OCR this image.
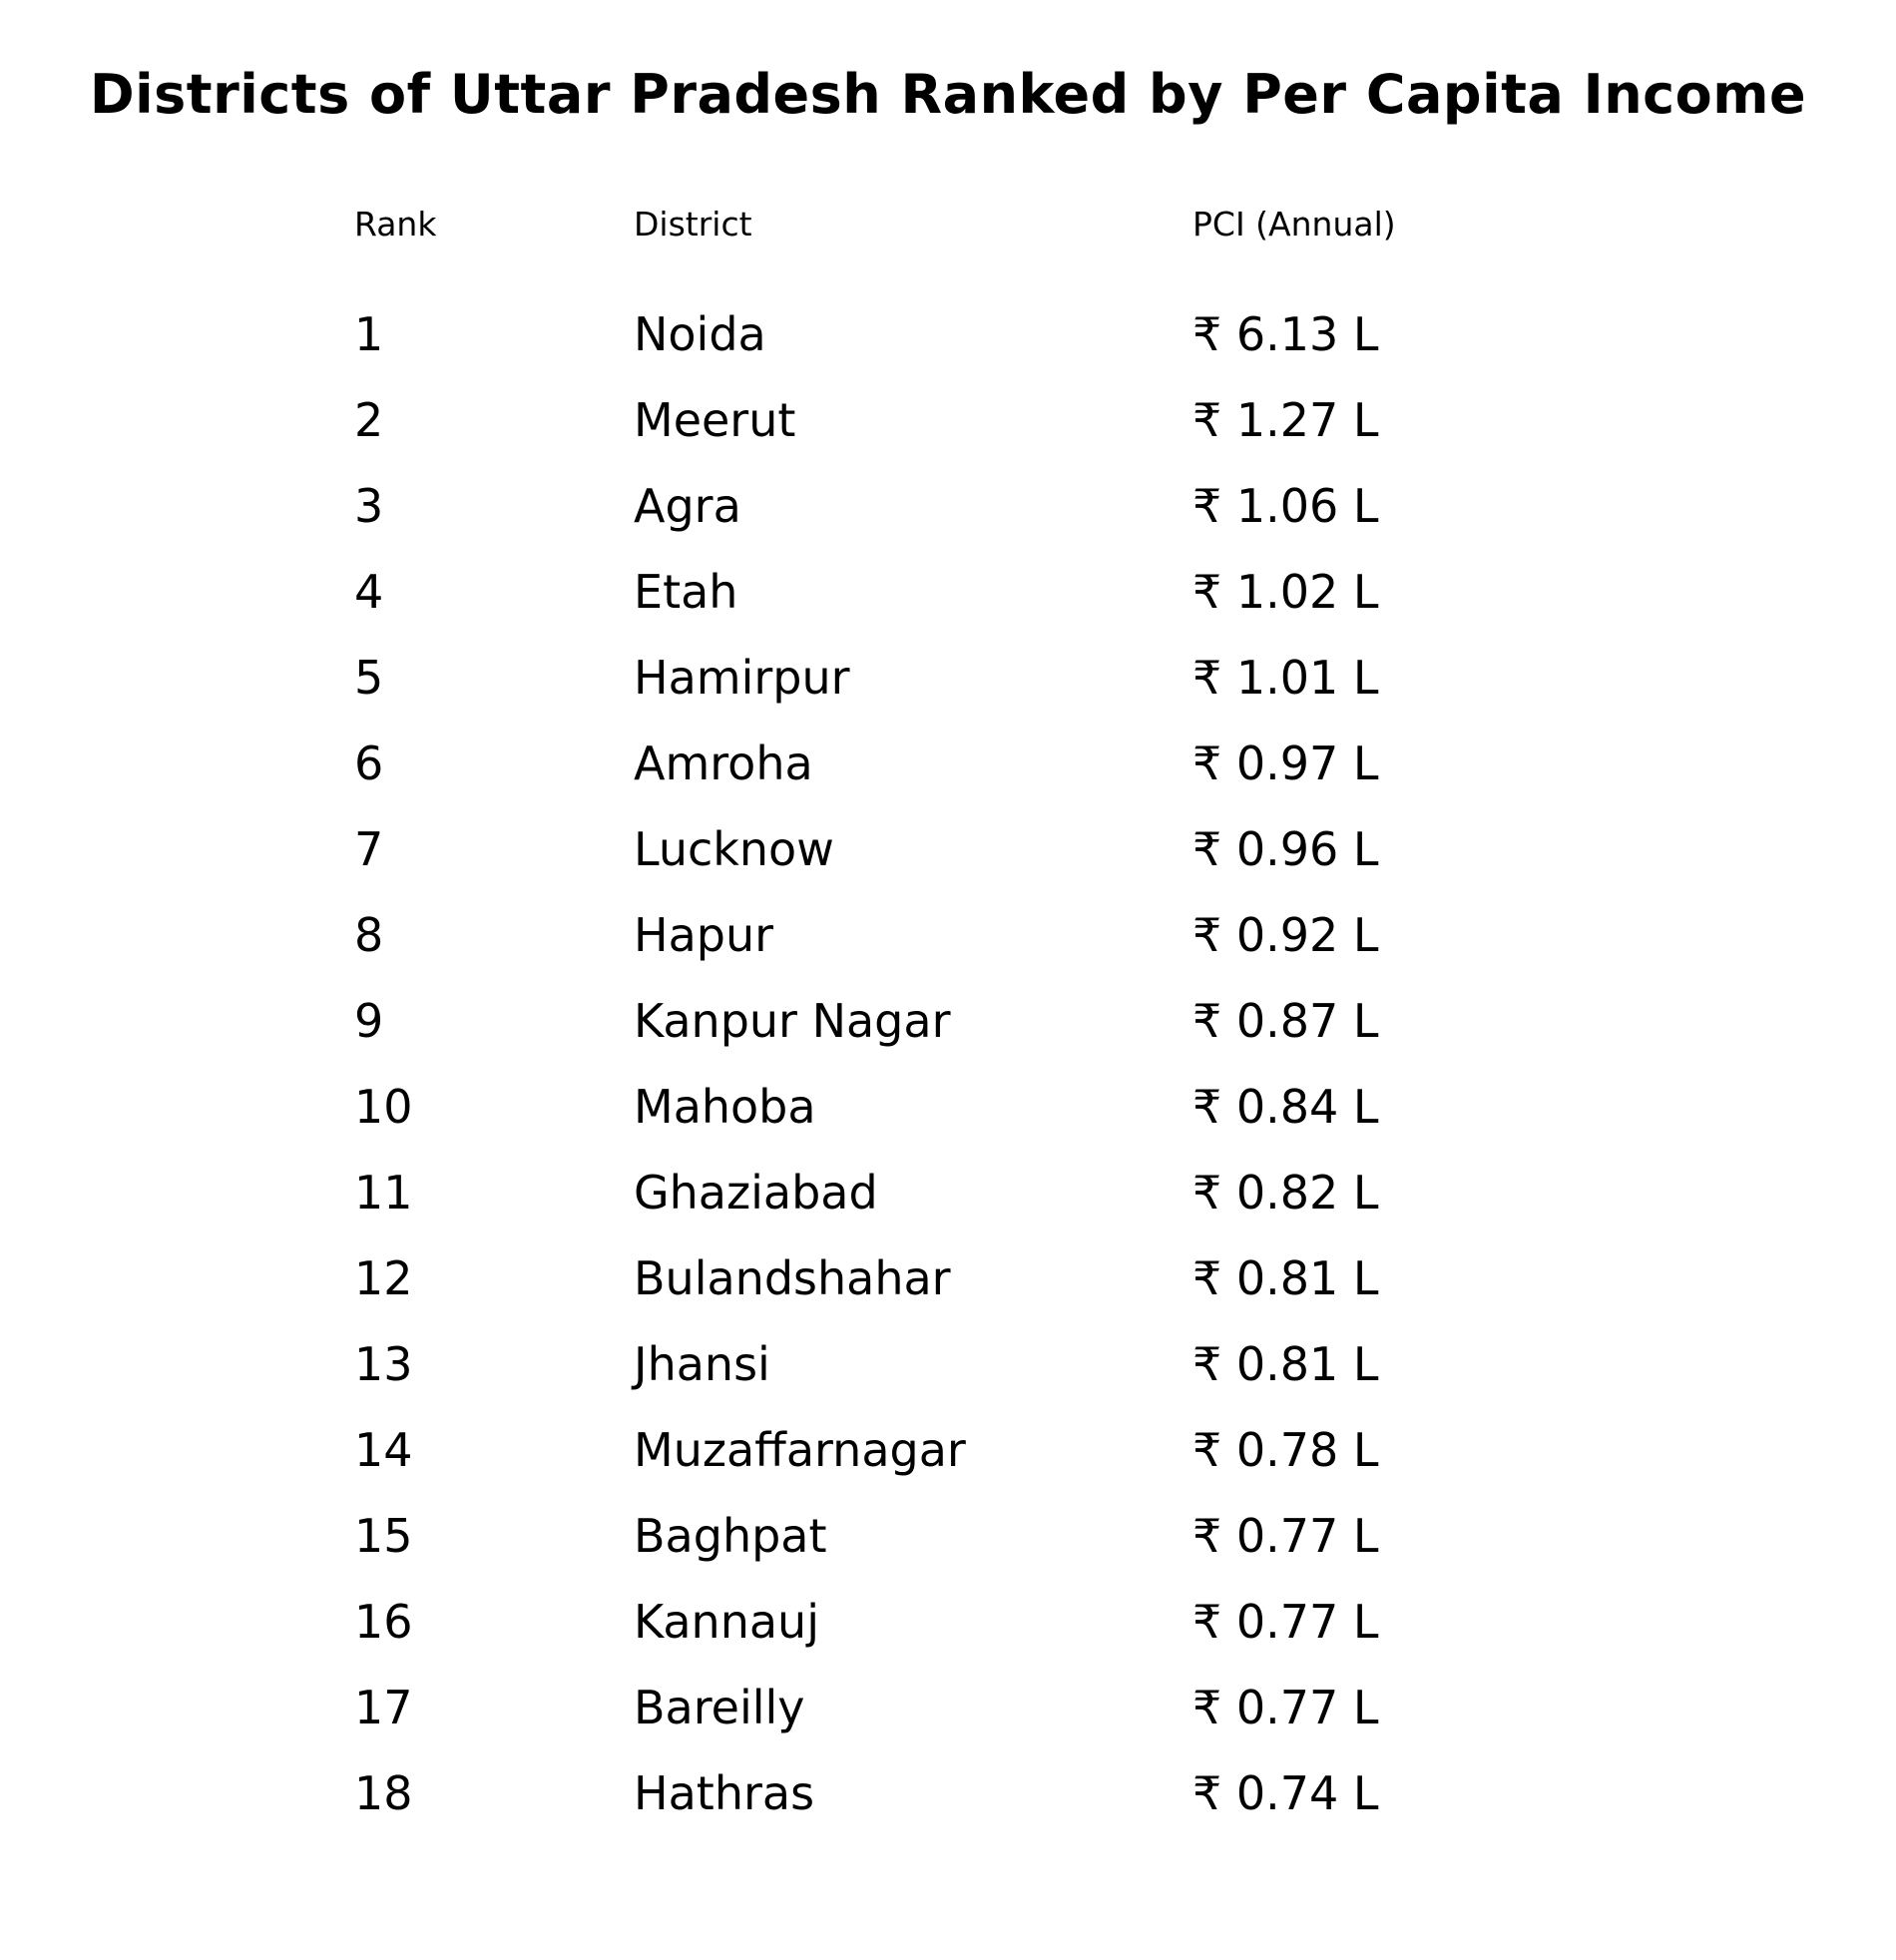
Districts of Uttar Pradesh Ranked by Per Capita Income
Rank	District	PCI (Annual)
1	Noida	₹ 6.13 L
2	Meerut	₹ 1.27 L
3	Agra	₹ 1.06 L
4	Etah	₹ 1.02 L
5	Hamirpur	₹ 1.01 L
6	Amroha	₹ 0.97 L
7	Lucknow	₹ 0.96 L
8	Hapur	₹ 0.92 L
9	Kanpur Nagar	₹ 0.87 L
10	Mahoba	₹ 0.84 L
11	Ghaziabad	₹ 0.82 L
12	Bulandshahar	₹ 0.81 L
13	Jhansi	₹ 0.81 L
14	Muzaffarnagar	₹ 0.78 L
15	Baghpat	₹ 0.77 L
16	Kannauj	₹ 0.77 L
17	Bareilly	₹ 0.77 L
18	Hathras	₹ 0.74 L
